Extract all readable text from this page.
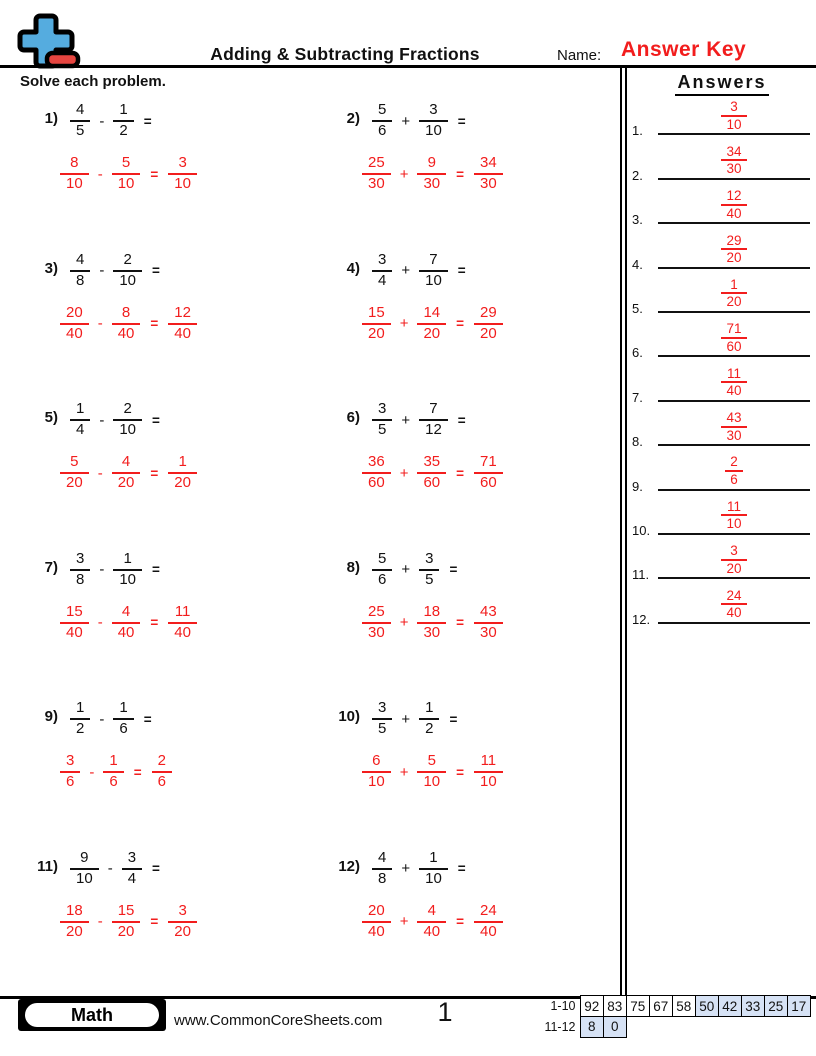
Adding & Subtracting Fractions	Name: Answer Key
Solve each problem.
$1) \frac{4}{5} - \frac{1}{2}$ =
$\frac{8}{10} - \frac{5}{10} = \frac{3}{10}$
$2) \frac{5}{6} + \frac{3}{10}$ =
$\frac{25}{30} + \frac{9}{30} = \frac{34}{30}$
$3) \frac{4}{8} - \frac{2}{10}$ =
$\frac{20}{40} - \frac{8}{40} = \frac{12}{40}$
$4) \frac{3}{4} + \frac{7}{10}$ =
$\frac{15}{20} + \frac{14}{20} = \frac{29}{20}$
$5) \frac{1}{4} - \frac{2}{10}$ =
$\frac{5}{20} - \frac{4}{20} = \frac{1}{20}$
$6) \frac{3}{5} + \frac{7}{12}$ =
$\frac{36}{60} + \frac{35}{60} = \frac{71}{60}$
$7) \frac{3}{8} - \frac{1}{10}$ =
$\frac{15}{40} - \frac{4}{40} = \frac{11}{40}$
$8) \frac{5}{6} + \frac{3}{5}$ =
$\frac{25}{30} + \frac{18}{30} = \frac{43}{30}$
$9) \frac{1}{2} - \frac{1}{6}$ =
$\frac{3}{6} - \frac{1}{6} = \frac{2}{6}$
$10) \frac{3}{5} + \frac{1}{2}$ =
$\frac{6}{10} + \frac{5}{10} = \frac{11}{10}$
$11) \frac{9}{10} - \frac{3}{4}$ =
$\frac{18}{20} - \frac{15}{20} = \frac{3}{20}$
$12) \frac{4}{8} + \frac{1}{10}$ =
$\frac{20}{40} + \frac{4}{40} = \frac{24}{40}$
Answers
1.	$\frac{3}{10}$
2.	$\frac{34}{30}$
3.	$\frac{12}{40}$
4.	$\frac{29}{20}$
5.	$\frac{1}{20}$
6.	$\frac{71}{60}$
7.	$\frac{11}{40}$
8.	$\frac{43}{30}$
9.	$\frac{2}{6}$
10.	$\frac{11}{10}$
11.	$\frac{3}{20}$
12.	$\frac{24}{40}$
Math	www.CommonCoreSheets.com	1	1-10 92 83 75 67 58 50 42 33 25 17
11-12 8	0
